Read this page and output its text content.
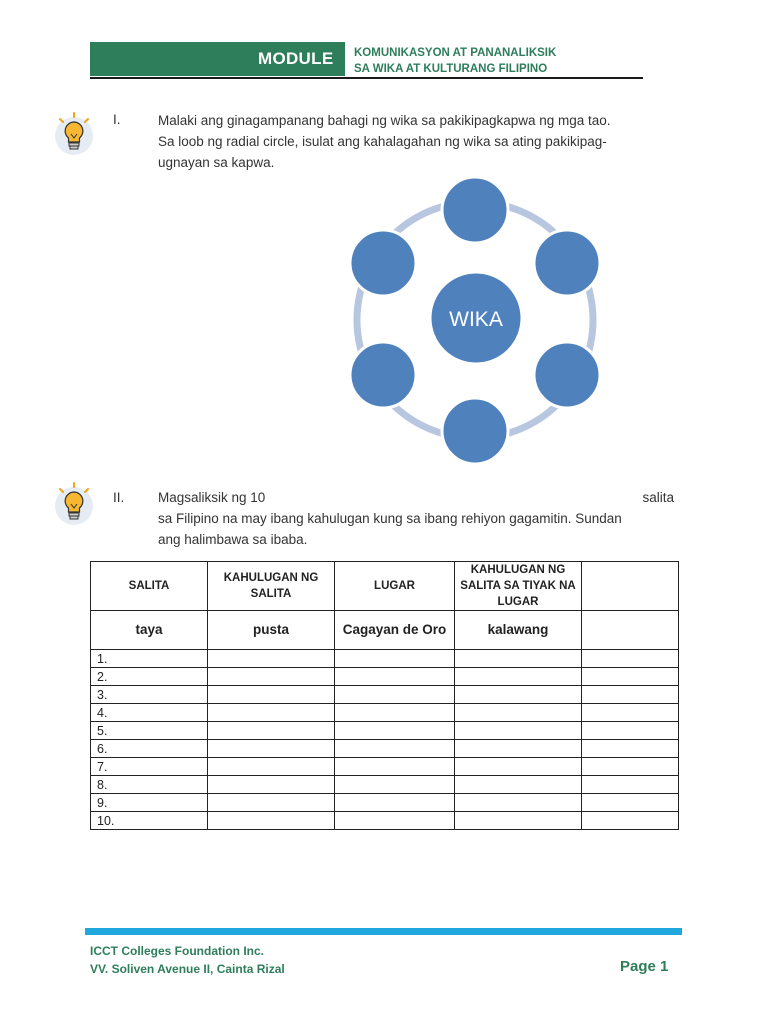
MODULE	KOMUNIKASYON AT PANANALIKSIK
SA WIKA AT KULTURANG FILIPINO
I.	Malaki ang ginagampanang bahagi ng wika sa pakikipagkapwa ng mga tao.
Sa loob ng radial circle, isulat ang kahalagahan ng wika sa ating pakikipag-
ugnayan sa kapwa.
WIKA
II. Magsaliksik ng 10	salita
sa Filipino na may ibang kahulugan kung sa ibang rehiyon gagamitin. Sundan
ang halimbawa sa ibaba.
SALITA	KAHULUGAN NG SALITA	LUGAR	KAHULUGAN NG SALITA SA TIYAK NA LUGAR	
taya	pusta	Cagayan de Oro	kalawang	
1.				
2.				
3.				
4.				
5.				
6.				
7.				
8.				
9.				
10.				
ICCT Colleges Foundation Inc.
VV. Soliven Avenue II, Cainta Rizal	Page 1
